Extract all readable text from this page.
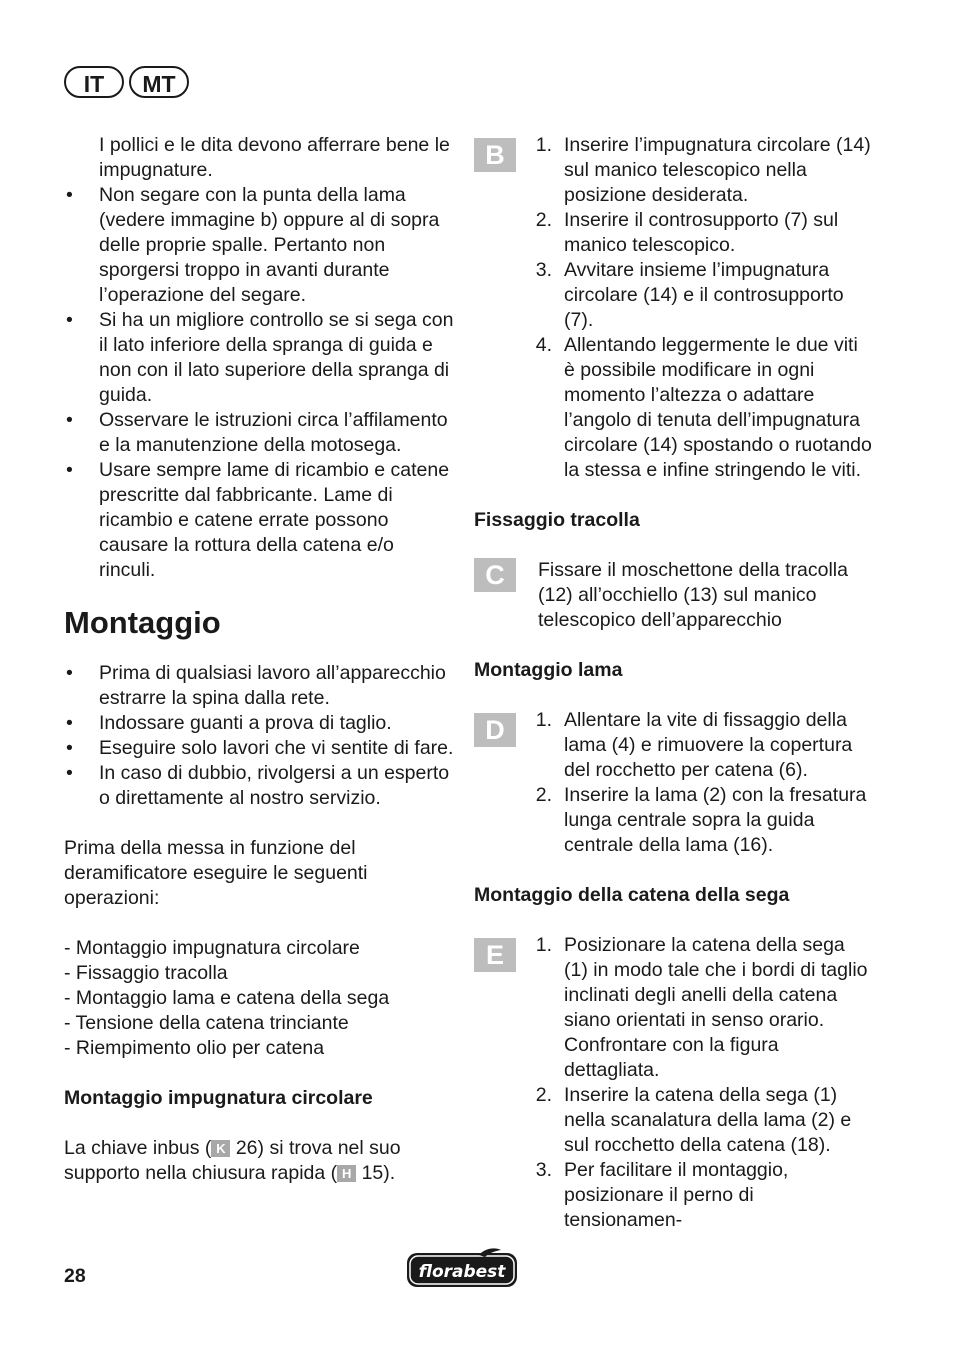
IT	MT
I pollici e le dita devono afferrare bene le impugnature.
•	Non segare con la punta della lama (vedere immagine b) oppure al di sopra delle proprie spalle. Pertanto non sporgersi troppo in avanti durante l’operazione del segare.
•	Si ha un migliore controllo se si sega con il lato inferiore della spranga di guida e non con il lato superiore della spranga di guida.
•	Osservare le istruzioni circa l’affilamento e la manutenzione della motosega.
•	Usare sempre lame di ricambio e catene prescritte dal fabbricante. Lame di ricambio e catene errate possono causare la rottura della catena e/o rinculi.
Montaggio
•	Prima di qualsiasi lavoro all’apparecchio estrarre la spina dalla rete.
•	Indossare guanti a prova di taglio.
•	Eseguire solo lavori che vi sentite di fare.
•	In caso di dubbio, rivolgersi a un esperto o direttamente al nostro servizio.

Prima della messa in funzione del deramificatore eseguire le seguenti operazioni:

- Montaggio impugnatura circolare
- Fissaggio tracolla
- Montaggio lama e catena della sega
- Tensione della catena trinciante
- Riempimento olio per catena
Montaggio impugnatura circolare

La chiave inbus ( K 26) si trova nel suo supporto nella chiusura rapida ( H 15).

B	1. Inserire l’impugnatura circolare (14) sul manico telescopico nella posizione desiderata.
2. Inserire il controsupporto (7) sul manico telescopico.
3. Avvitare insieme l’impugnatura circolare (14) e il controsupporto (7).
4. Allentando leggermente le due viti è possibile modificare in ogni momento l’altezza o adattare l’angolo di tenuta dell’impugnatura circolare (14) spostando o ruotando la stessa e infine stringendo le viti.
Fissaggio tracolla
C	Fissare il moschettone della tracolla (12) all’occhiello (13) sul manico telescopico dell’apparecchio
Montaggio lama
D	1. Allentare la vite di fissaggio della lama (4) e rimuovere la copertura del rocchetto per catena (6).
2. Inserire la lama (2) con la fresatura lunga centrale sopra la guida centrale della lama (16).
Montaggio della catena della sega
E	1. Posizionare la catena della sega (1) in modo tale che i bordi di taglio inclinati degli anelli della catena siano orientati in senso orario. Confrontare con la figura dettagliata.
2. Inserire la catena della sega (1) nella scanalatura della lama (2) e sul rocchetto della catena (18).
3. Per facilitare il montaggio, posizionare il perno di tensionamen-
28	florabest
